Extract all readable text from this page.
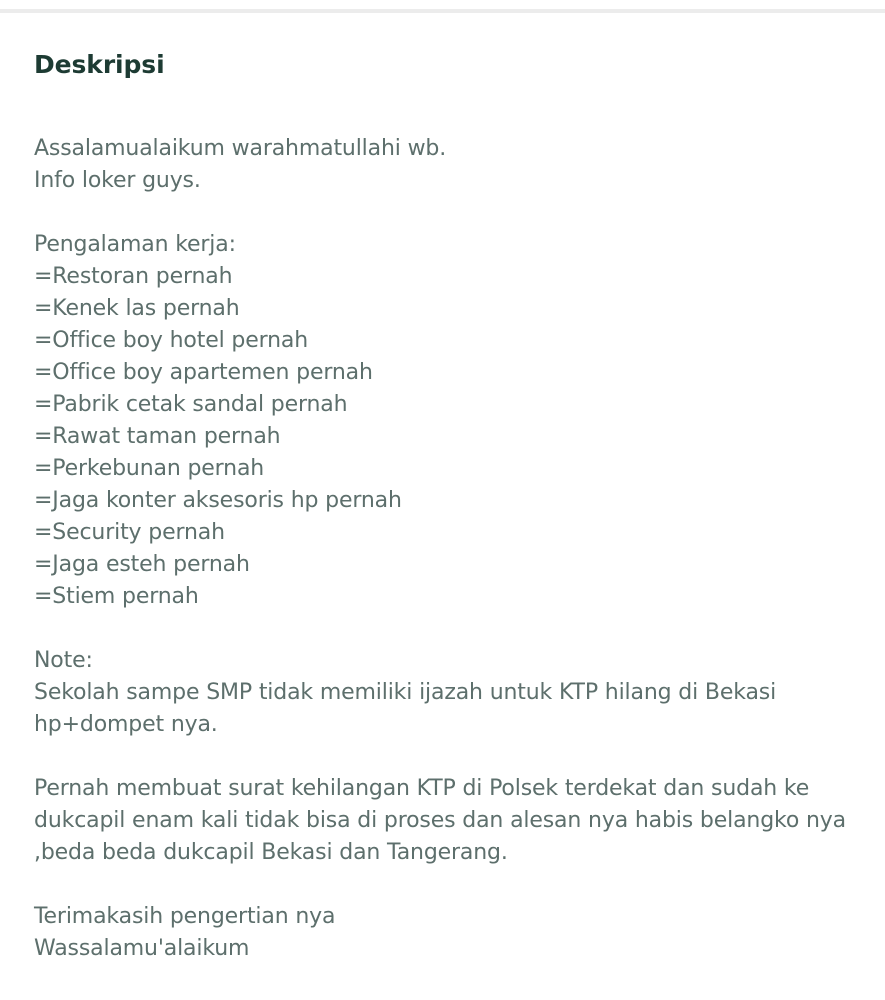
Deskripsi
Assalamualaikum warahmatullahi wb.
Info loker guys.
Pengalaman kerja:
=Restoran pernah
=Kenek las pernah
=Office boy hotel pernah
=Office boy apartemen pernah
=Pabrik cetak sandal pernah
=Rawat taman pernah
=Perkebunan pernah
=Jaga konter aksesoris hp pernah
=Security pernah
=Jaga esteh pernah
=Stiem pernah
Note:
Sekolah sampe SMP tidak memiliki ijazah untuk KTP hilang di Bekasi hp+dompet nya.
Pernah membuat surat kehilangan KTP di Polsek terdekat dan sudah ke dukcapil enam kali tidak bisa di proses dan alesan nya habis belangko nya ,beda beda dukcapil Bekasi dan Tangerang.
Terimakasih pengertian nya
Wassalamu'alaikum
